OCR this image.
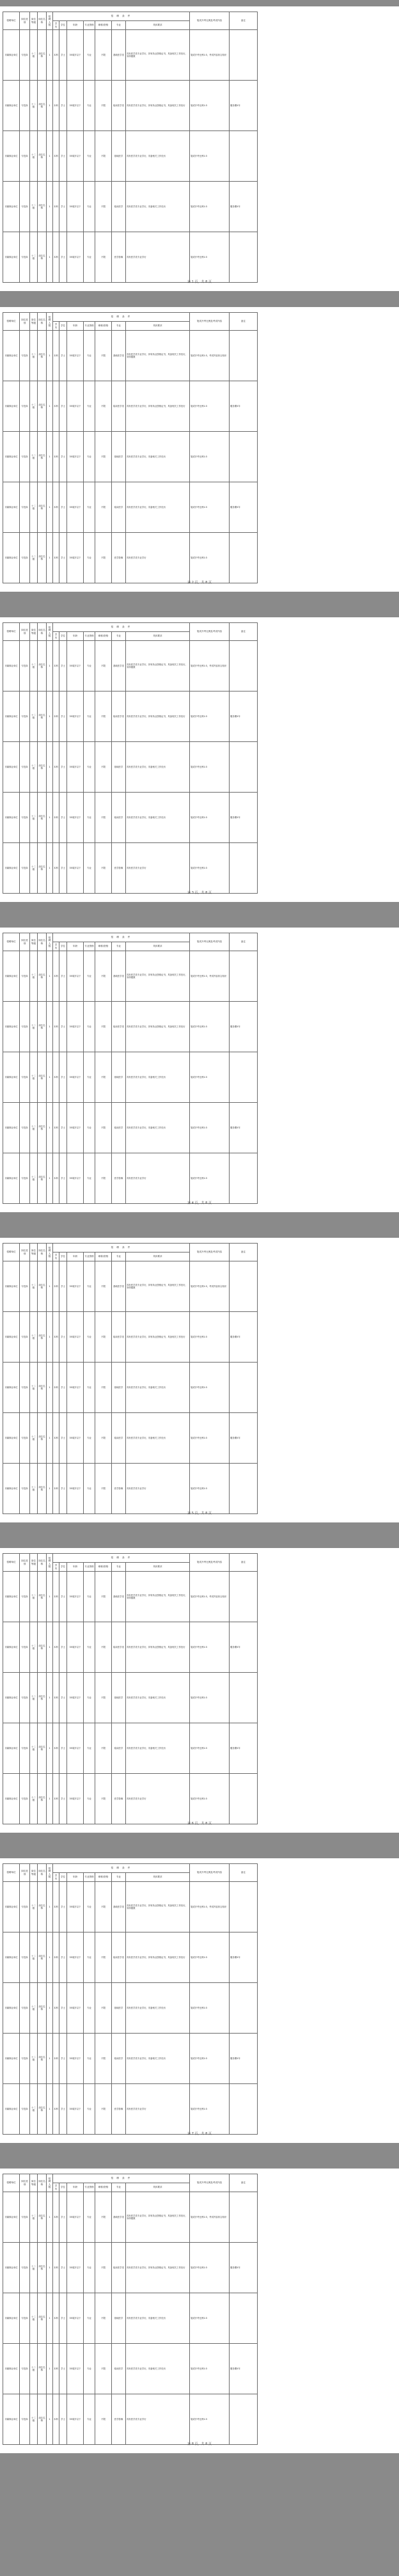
招聘单位	岗位类别	岗位等级	岗位名称	招聘人数	招 聘 条 件							笔试开考比例及考试内容	备注
					学历	学位	年龄	专业资格	职称/资格	专业	具体要求		
市属事业单位	专技岗	十二级	岗位名称	1	本科	学士	35周岁以下	专业	不限	基础医学类	具有医学类专业学历，持有执业资格证书，具备相关工作经历，身体健康	笔试开考比例1:3，考试内容综合知识	
市属事业单位	专技岗	十二级	岗位名称	1	本科	学士	35周岁以下	专业	不限	临床医学类	具有医学类专业学历，持有执业资格证书，具备相关工作经历	笔试开考比例1:3	服务期5年
市属事业单位	专技岗	十二级	岗位名称	1	本科	学士	35周岁以下	专业	不限	基础医学	具有医学类专业学历，具备相关工作经历	笔试开考比例1:3	
市属事业单位	专技岗	十二级	岗位名称	1	本科	学士	35周岁以下	专业	不限	临床医学	具有医学类专业学历，具备相关工作经历	笔试开考比例1:3	服务期5年
市属事业单位	专技岗	十二级	岗位名称	1	本科	学士	35周岁以下	专业	不限	医学影像	具有医学类专业学历	笔试开考比例1:3	
第 1 页，共 8 页
招聘单位	岗位类别	岗位等级	岗位名称	招聘人数	招 聘 条 件							笔试开考比例及考试内容	备注
					学历	学位	年龄	专业资格	职称/资格	专业	具体要求		
市属事业单位	专技岗	十二级	岗位名称	1	本科	学士	35周岁以下	专业	不限	基础医学类	具有医学类专业学历，持有执业资格证书，具备相关工作经历，身体健康	笔试开考比例1:3，考试内容综合知识	
市属事业单位	专技岗	十二级	岗位名称	1	本科	学士	35周岁以下	专业	不限	临床医学类	具有医学类专业学历，持有执业资格证书，具备相关工作经历	笔试开考比例1:3	服务期5年
市属事业单位	专技岗	十二级	岗位名称	1	本科	学士	35周岁以下	专业	不限	基础医学	具有医学类专业学历，具备相关工作经历	笔试开考比例1:3	
市属事业单位	专技岗	十二级	岗位名称	1	本科	学士	35周岁以下	专业	不限	临床医学	具有医学类专业学历，具备相关工作经历	笔试开考比例1:3	服务期5年
市属事业单位	专技岗	十二级	岗位名称	1	本科	学士	35周岁以下	专业	不限	医学影像	具有医学类专业学历	笔试开考比例1:3	
第 2 页，共 8 页
招聘单位	岗位类别	岗位等级	岗位名称	招聘人数	招 聘 条 件							笔试开考比例及考试内容	备注
					学历	学位	年龄	专业资格	职称/资格	专业	具体要求		
市属事业单位	专技岗	十二级	岗位名称	1	本科	学士	35周岁以下	专业	不限	基础医学类	具有医学类专业学历，持有执业资格证书，具备相关工作经历，身体健康	笔试开考比例1:3，考试内容综合知识	
市属事业单位	专技岗	十二级	岗位名称	1	本科	学士	35周岁以下	专业	不限	临床医学类	具有医学类专业学历，持有执业资格证书，具备相关工作经历	笔试开考比例1:3	服务期5年
市属事业单位	专技岗	十二级	岗位名称	1	本科	学士	35周岁以下	专业	不限	基础医学	具有医学类专业学历，具备相关工作经历	笔试开考比例1:3	
市属事业单位	专技岗	十二级	岗位名称	1	本科	学士	35周岁以下	专业	不限	临床医学	具有医学类专业学历，具备相关工作经历	笔试开考比例1:3	服务期5年
市属事业单位	专技岗	十二级	岗位名称	1	本科	学士	35周岁以下	专业	不限	医学影像	具有医学类专业学历	笔试开考比例1:3	
第 3 页，共 8 页
招聘单位	岗位类别	岗位等级	岗位名称	招聘人数	招 聘 条 件							笔试开考比例及考试内容	备注
					学历	学位	年龄	专业资格	职称/资格	专业	具体要求		
市属事业单位	专技岗	十二级	岗位名称	1	本科	学士	35周岁以下	专业	不限	基础医学类	具有医学类专业学历，持有执业资格证书，具备相关工作经历，身体健康	笔试开考比例1:3，考试内容综合知识	
市属事业单位	专技岗	十二级	岗位名称	1	本科	学士	35周岁以下	专业	不限	临床医学类	具有医学类专业学历，持有执业资格证书，具备相关工作经历	笔试开考比例1:3	服务期5年
市属事业单位	专技岗	十二级	岗位名称	1	本科	学士	35周岁以下	专业	不限	基础医学	具有医学类专业学历，具备相关工作经历	笔试开考比例1:3	
市属事业单位	专技岗	十二级	岗位名称	1	本科	学士	35周岁以下	专业	不限	临床医学	具有医学类专业学历，具备相关工作经历	笔试开考比例1:3	服务期5年
市属事业单位	专技岗	十二级	岗位名称	1	本科	学士	35周岁以下	专业	不限	医学影像	具有医学类专业学历	笔试开考比例1:3	
第 4 页，共 8 页
招聘单位	岗位类别	岗位等级	岗位名称	招聘人数	招 聘 条 件							笔试开考比例及考试内容	备注
					学历	学位	年龄	专业资格	职称/资格	专业	具体要求		
市属事业单位	专技岗	十二级	岗位名称	1	本科	学士	35周岁以下	专业	不限	基础医学类	具有医学类专业学历，持有执业资格证书，具备相关工作经历，身体健康	笔试开考比例1:3，考试内容综合知识	
市属事业单位	专技岗	十二级	岗位名称	1	本科	学士	35周岁以下	专业	不限	临床医学类	具有医学类专业学历，持有执业资格证书，具备相关工作经历	笔试开考比例1:3	服务期5年
市属事业单位	专技岗	十二级	岗位名称	1	本科	学士	35周岁以下	专业	不限	基础医学	具有医学类专业学历，具备相关工作经历	笔试开考比例1:3	
市属事业单位	专技岗	十二级	岗位名称	1	本科	学士	35周岁以下	专业	不限	临床医学	具有医学类专业学历，具备相关工作经历	笔试开考比例1:3	服务期5年
市属事业单位	专技岗	十二级	岗位名称	1	本科	学士	35周岁以下	专业	不限	医学影像	具有医学类专业学历	笔试开考比例1:3	
第 5 页，共 8 页
招聘单位	岗位类别	岗位等级	岗位名称	招聘人数	招 聘 条 件							笔试开考比例及考试内容	备注
					学历	学位	年龄	专业资格	职称/资格	专业	具体要求		
市属事业单位	专技岗	十二级	岗位名称	1	本科	学士	35周岁以下	专业	不限	基础医学类	具有医学类专业学历，持有执业资格证书，具备相关工作经历，身体健康	笔试开考比例1:3，考试内容综合知识	
市属事业单位	专技岗	十二级	岗位名称	1	本科	学士	35周岁以下	专业	不限	临床医学类	具有医学类专业学历，持有执业资格证书，具备相关工作经历	笔试开考比例1:3	服务期5年
市属事业单位	专技岗	十二级	岗位名称	1	本科	学士	35周岁以下	专业	不限	基础医学	具有医学类专业学历，具备相关工作经历	笔试开考比例1:3	
市属事业单位	专技岗	十二级	岗位名称	1	本科	学士	35周岁以下	专业	不限	临床医学	具有医学类专业学历，具备相关工作经历	笔试开考比例1:3	服务期5年
市属事业单位	专技岗	十二级	岗位名称	1	本科	学士	35周岁以下	专业	不限	医学影像	具有医学类专业学历	笔试开考比例1:3	
第 6 页，共 8 页
招聘单位	岗位类别	岗位等级	岗位名称	招聘人数	招 聘 条 件							笔试开考比例及考试内容	备注
					学历	学位	年龄	专业资格	职称/资格	专业	具体要求		
市属事业单位	专技岗	十二级	岗位名称	1	本科	学士	35周岁以下	专业	不限	基础医学类	具有医学类专业学历，持有执业资格证书，具备相关工作经历，身体健康	笔试开考比例1:3，考试内容综合知识	
市属事业单位	专技岗	十二级	岗位名称	1	本科	学士	35周岁以下	专业	不限	临床医学类	具有医学类专业学历，持有执业资格证书，具备相关工作经历	笔试开考比例1:3	服务期5年
市属事业单位	专技岗	十二级	岗位名称	1	本科	学士	35周岁以下	专业	不限	基础医学	具有医学类专业学历，具备相关工作经历	笔试开考比例1:3	
市属事业单位	专技岗	十二级	岗位名称	1	本科	学士	35周岁以下	专业	不限	临床医学	具有医学类专业学历，具备相关工作经历	笔试开考比例1:3	服务期5年
市属事业单位	专技岗	十二级	岗位名称	1	本科	学士	35周岁以下	专业	不限	医学影像	具有医学类专业学历	笔试开考比例1:3	
第 7 页，共 8 页
招聘单位	岗位类别	岗位等级	岗位名称	招聘人数	招 聘 条 件							笔试开考比例及考试内容	备注
					学历	学位	年龄	专业资格	职称/资格	专业	具体要求		
市属事业单位	专技岗	十二级	岗位名称	1	本科	学士	35周岁以下	专业	不限	基础医学类	具有医学类专业学历，持有执业资格证书，具备相关工作经历，身体健康	笔试开考比例1:3，考试内容综合知识	
市属事业单位	专技岗	十二级	岗位名称	1	本科	学士	35周岁以下	专业	不限	临床医学类	具有医学类专业学历，持有执业资格证书，具备相关工作经历	笔试开考比例1:3	服务期5年
市属事业单位	专技岗	十二级	岗位名称	1	本科	学士	35周岁以下	专业	不限	基础医学	具有医学类专业学历，具备相关工作经历	笔试开考比例1:3	
市属事业单位	专技岗	十二级	岗位名称	1	本科	学士	35周岁以下	专业	不限	临床医学	具有医学类专业学历，具备相关工作经历	笔试开考比例1:3	服务期5年
市属事业单位	专技岗	十二级	岗位名称	1	本科	学士	35周岁以下	专业	不限	医学影像	具有医学类专业学历	笔试开考比例1:3	
第 8 页，共 8 页
